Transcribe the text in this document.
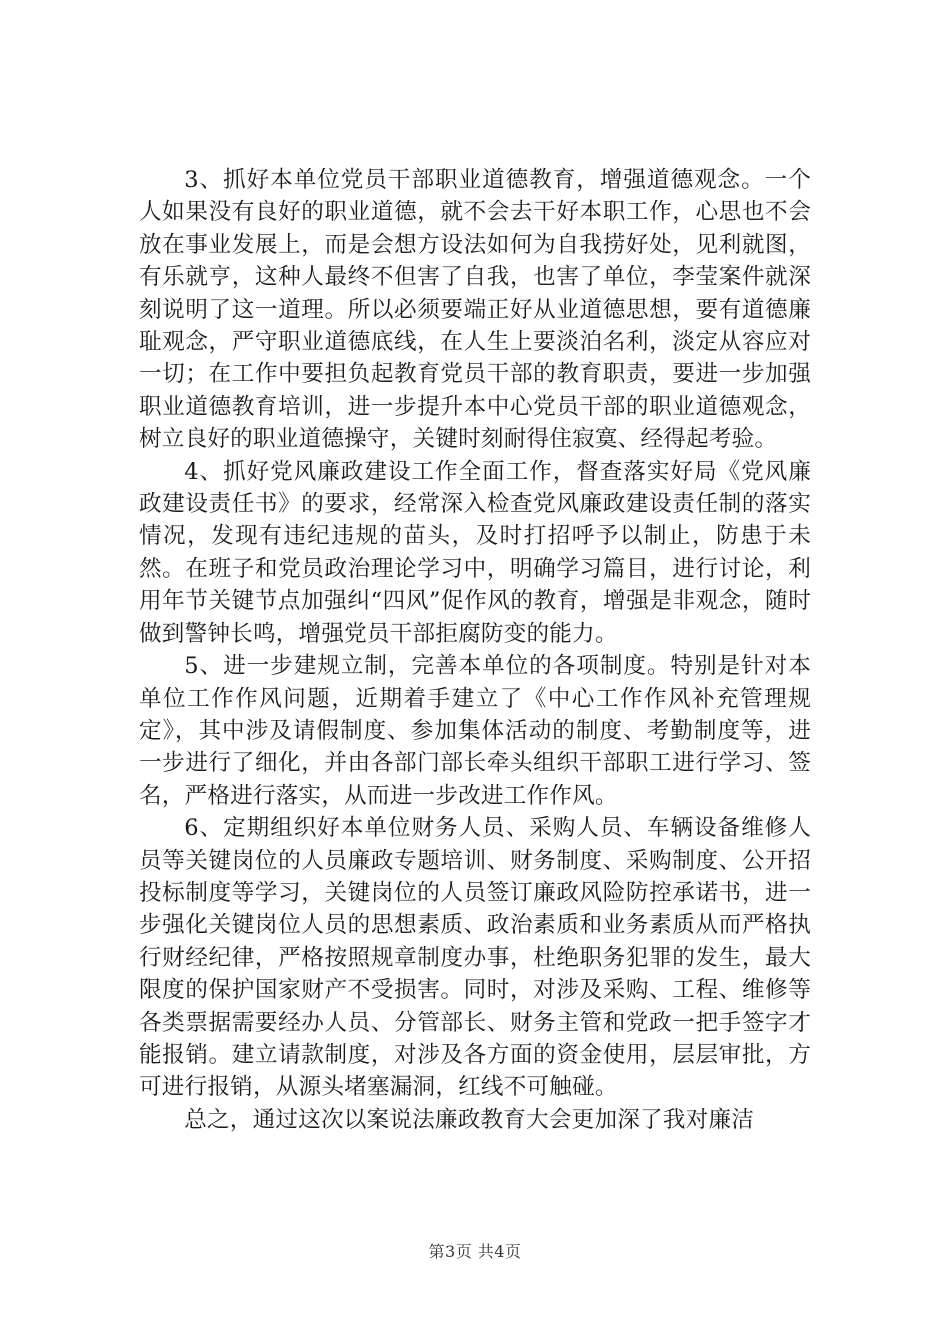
3、抓好本单位党员干部职业道德教育，增强道德观念。一个人如果没有良好的职业道德，就不会去干好本职工作，心思也不会放在事业发展上，而是会想方设法如何为自我捞好处，见利就图，有乐就亨，这种人最终不但害了自我，也害了单位，李莹案件就深刻说明了这一道理。所以必须要端正好从业道德思想，要有道德廉耻观念，严守职业道德底线，在人生上要淡泊名利，淡定从容应对一切；在工作中要担负起教育党员干部的教育职责，要进一步加强职业道德教育培训，进一步提升本中心党员干部的职业道德观念，树立良好的职业道德操守，关键时刻耐得住寂寞、经得起考验。

4、抓好党风廉政建设工作全面工作，督查落实好局《党风廉政建设责任书》的要求，经常深入检查党风廉政建设责任制的落实情况，发现有违纪违规的苗头，及时打招呼予以制止，防患于未然。在班子和党员政治理论学习中，明确学习篇目，进行讨论，利用年节关键节点加强纠“四风”促作风的教育，增强是非观念，随时做到警钟长鸣，增强党员干部拒腐防变的能力。

5、进一步建规立制，完善本单位的各项制度。特别是针对本单位工作作风问题，近期着手建立了《中心工作作风补充管理规定》，其中涉及请假制度、参加集体活动的制度、考勤制度等，进一步进行了细化，并由各部门部长牵头组织干部职工进行学习、签名，严格进行落实，从而进一步改进工作作风。

6、定期组织好本单位财务人员、采购人员、车辆设备维修人员等关键岗位的人员廉政专题培训、财务制度、采购制度、公开招投标制度等学习，关键岗位的人员签订廉政风险防控承诺书，进一步强化关键岗位人员的思想素质、政治素质和业务素质从而严格执行财经纪律，严格按照规章制度办事，杜绝职务犯罪的发生，最大限度的保护国家财产不受损害。同时，对涉及采购、工程、维修等各类票据需要经办人员、分管部长、财务主管和党政一把手签字才能报销。建立请款制度，对涉及各方面的资金使用，层层审批，方可进行报销，从源头堵塞漏洞，红线不可触碰。

总之，通过这次以案说法廉政教育大会更加深了我对廉洁

第3页 共4页
